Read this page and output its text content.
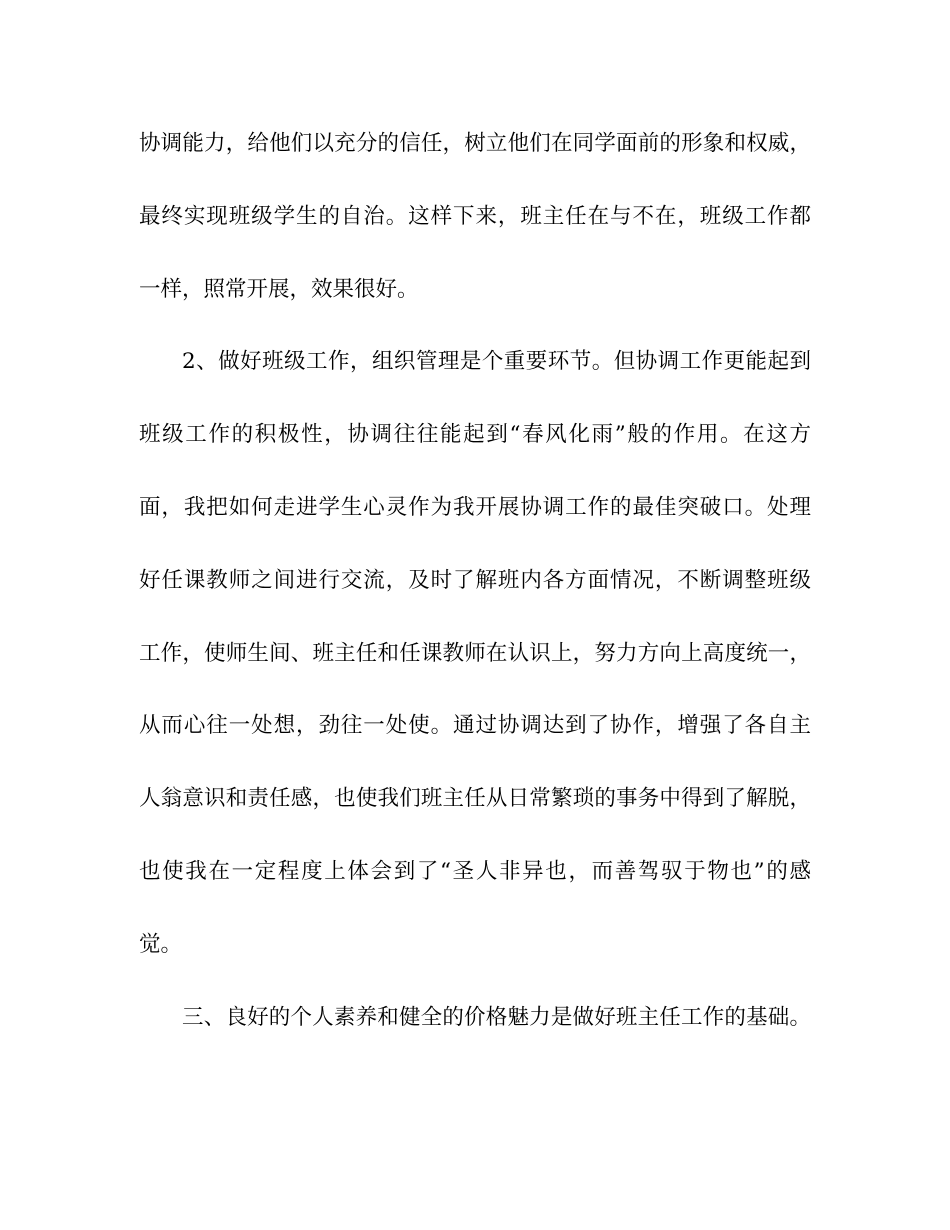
协调能力，给他们以充分的信任，树立他们在同学面前的形象和权威，
最终实现班级学生的自治。这样下来，班主任在与不在，班级工作都
一样，照常开展，效果很好。
2、做好班级工作，组织管理是个重要环节。但协调工作更能起到
班级工作的积极性，协调往往能起到“春风化雨”般的作用。在这方
面，我把如何走进学生心灵作为我开展协调工作的最佳突破口。处理
好任课教师之间进行交流，及时了解班内各方面情况，不断调整班级
工作，使师生间、班主任和任课教师在认识上，努力方向上高度统一，
从而心往一处想，劲往一处使。通过协调达到了协作，增强了各自主
人翁意识和责任感，也使我们班主任从日常繁琐的事务中得到了解脱，
也使我在一定程度上体会到了“圣人非异也，而善驾驭于物也”的感
觉。
三、良好的个人素养和健全的价格魅力是做好班主任工作的基础。
